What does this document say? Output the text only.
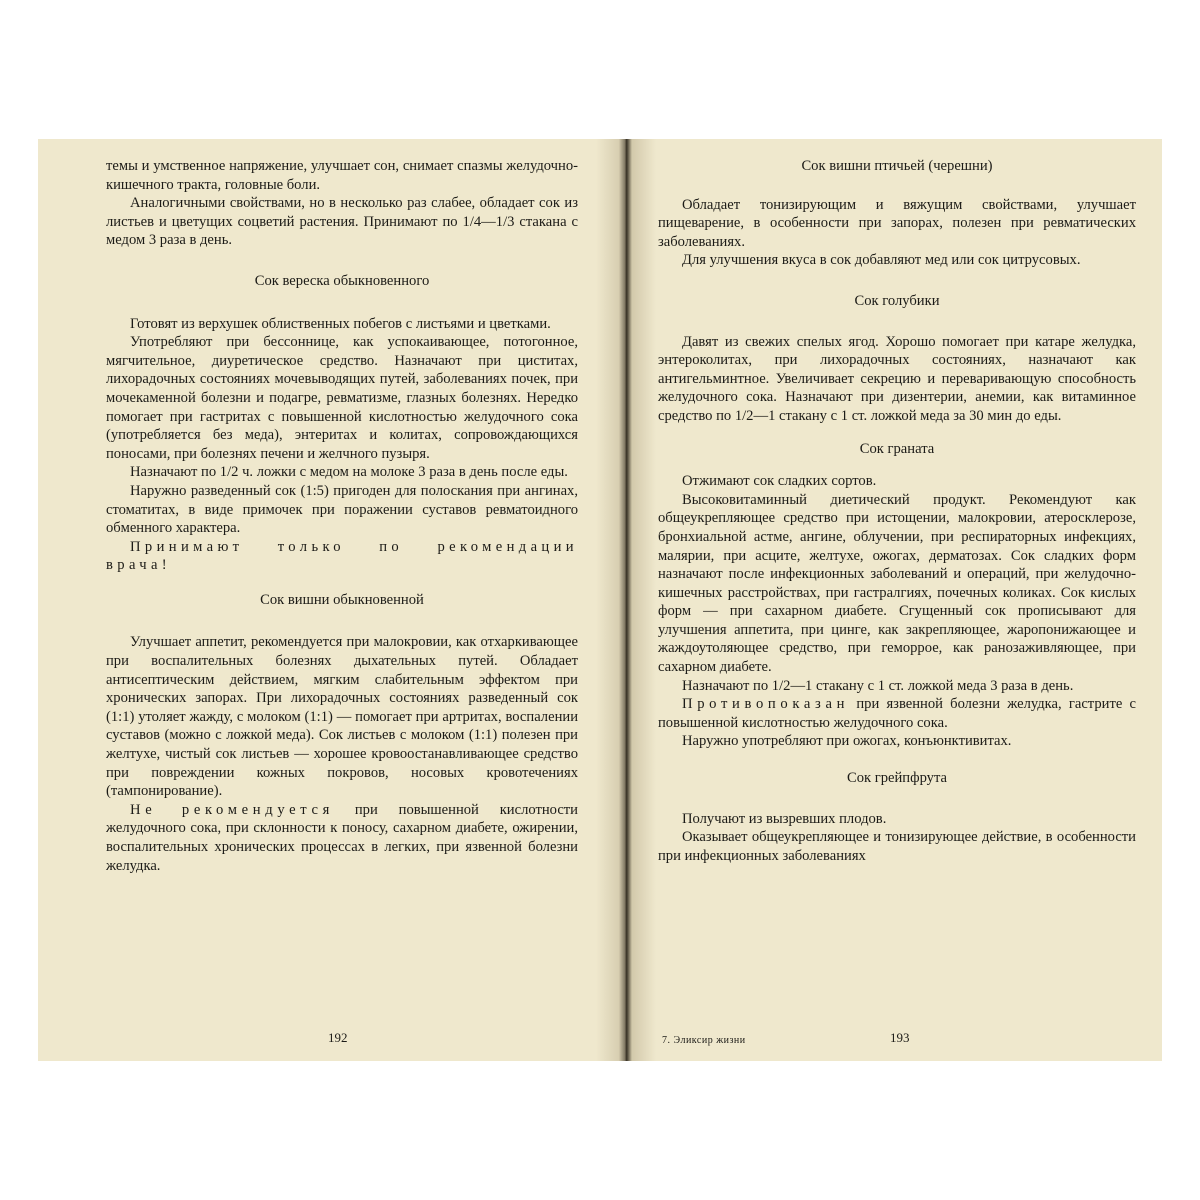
темы и умственное напряжение, улучшает сон, снимает спазмы желудочно-кишечного тракта, головные боли.

Аналогичными свойствами, но в несколько раз слабее, обладает сок из листьев и цветущих соцветий растения. Принимают по 1/4—1/3 стакана с медом 3 раза в день.

Сок вереска обыкновенного

Готовят из верхушек облиственных побегов с листьями и цветками.

Употребляют при бессоннице, как успокаивающее, потогонное, мягчительное, диуретическое средство. Назначают при циститах, лихорадочных состояниях мочевыводящих путей, заболеваниях почек, при мочекаменной болезни и подагре, ревматизме, глазных болезнях. Нередко помогает при гастритах с повышенной кислотностью желудочного сока (употребляется без меда), энтеритах и колитах, сопровождающихся поносами, при болезнях печени и желчного пузыря.

Назначают по 1/2 ч. ложки с медом на молоке 3 раза в день после еды.

Наружно разведенный сок (1:5) пригоден для полоскания при ангинах, стоматитах, в виде примочек при поражении суставов ревматоидного обменного характера.

Принимают только по рекомендации врача!

Сок вишни обыкновенной

Улучшает аппетит, рекомендуется при малокровии, как отхаркивающее при воспалительных болезнях дыхательных путей. Обладает антисептическим действием, мягким слабительным эффектом при хронических запорах. При лихорадочных состояниях разведенный сок (1:1) утоляет жажду, с молоком (1:1) — помогает при артритах, воспалении суставов (можно с ложкой меда). Сок листьев с молоком (1:1) полезен при желтухе, чистый сок листьев — хорошее кровоостанавливающее средство при повреждении кожных покровов, носовых кровотечениях (тампонирование).

Не рекомендуется при повышенной кислотности желудочного сока, при склонности к поносу, сахарном диабете, ожирении, воспалительных хронических процессах в легких, при язвенной болезни желудка.

192

Сок вишни птичьей (черешни)

Обладает тонизирующим и вяжущим свойствами, улучшает пищеварение, в особенности при запорах, полезен при ревматических заболеваниях.

Для улучшения вкуса в сок добавляют мед или сок цитрусовых.

Сок голубики

Давят из свежих спелых ягод. Хорошо помогает при катаре желудка, энтероколитах, при лихорадочных состояниях, назначают как антигельминтное. Увеличивает секрецию и переваривающую способность желудочного сока. Назначают при дизентерии, анемии, как витаминное средство по 1/2—1 стакану с 1 ст. ложкой меда за 30 мин до еды.

Сок граната

Отжимают сок сладких сортов.

Высоковитаминный диетический продукт. Рекомендуют как общеукрепляющее средство при истощении, малокровии, атеросклерозе, бронхиальной астме, ангине, облучении, при респираторных инфекциях, малярии, при асците, желтухе, ожогах, дерматозах. Сок сладких форм назначают после инфекционных заболеваний и операций, при желудочно-кишечных расстройствах, при гастралгиях, почечных коликах. Сок кислых форм — при сахарном диабете. Сгущенный сок прописывают для улучшения аппетита, при цинге, как закрепляющее, жаропонижающее и жаждоутоляющее средство, при геморрое, как ранозаживляющее, при сахарном диабете.

Назначают по 1/2—1 стакану с 1 ст. ложкой меда 3 раза в день.

Противопоказан при язвенной болезни желудка, гастрите с повышенной кислотностью желудочного сока.

Наружно употребляют при ожогах, конъюнктивитах.

Сок грейпфрута

Получают из вызревших плодов.

Оказывает общеукрепляющее и тонизирующее действие, в особенности при инфекционных заболеваниях

7. Эликсир жизни	193
